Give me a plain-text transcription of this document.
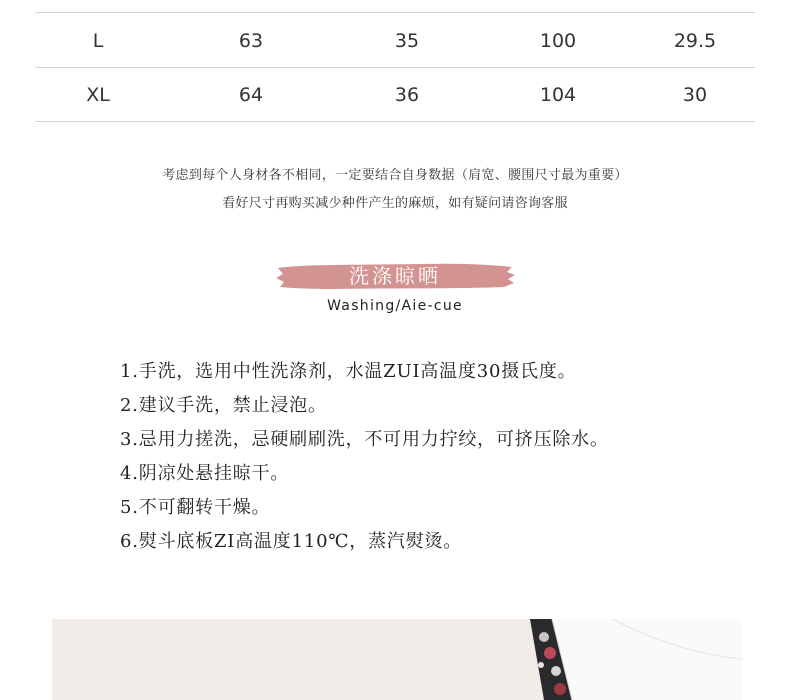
L	63	35	100	29.5
XL	64	36	104	30
考虑到每个人身材各不相同，一定要结合自身数据（肩宽、腰围尺寸最为重要）
看好尺寸再购买减少种件产生的麻烦，如有疑问请咨询客服
洗涤晾晒
Washing/Aie-cue
1.手洗，选用中性洗涤剂，水温ZUI高温度30摄氏度。
2.建议手洗，禁止浸泡。
3.忌用力搓洗，忌硬刷刷洗，不可用力拧绞，可挤压除水。
4.阴凉处悬挂晾干。
5.不可翻转干燥。
6.熨斗底板ZI高温度110℃，蒸汽熨烫。
